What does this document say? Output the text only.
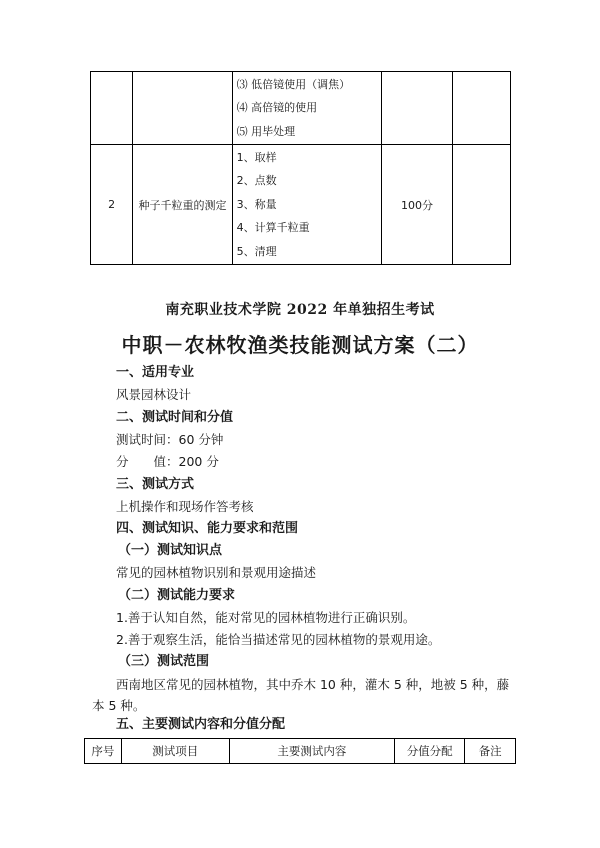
		⑶ 低倍镜使用（调焦）
⑷ 高倍镜的使用
⑸ 用毕处理		

2	种子千粒重的测定	1、取样
2、点数
3、称量
4、计算千粒重
5、清理	100分	
南充职业技术学院 2022 年单独招生考试
中职－农林牧渔类技能测试方案（二）
一、适用专业
风景园林设计
二、测试时间和分值
测试时间：60 分钟
分　　值：200 分
三、测试方式
上机操作和现场作答考核
四、测试知识、能力要求和范围
（一）测试知识点
常见的园林植物识别和景观用途描述
（二）测试能力要求
1.善于认知自然，能对常见的园林植物进行正确识别。
2.善于观察生活，能恰当描述常见的园林植物的景观用途。
（三）测试范围
西南地区常见的园林植物，其中乔木 10 种，灌木 5 种，地被 5 种，藤本 5 种。
五、主要测试内容和分值分配
序号	测试项目	主要测试内容	分值分配	备注
